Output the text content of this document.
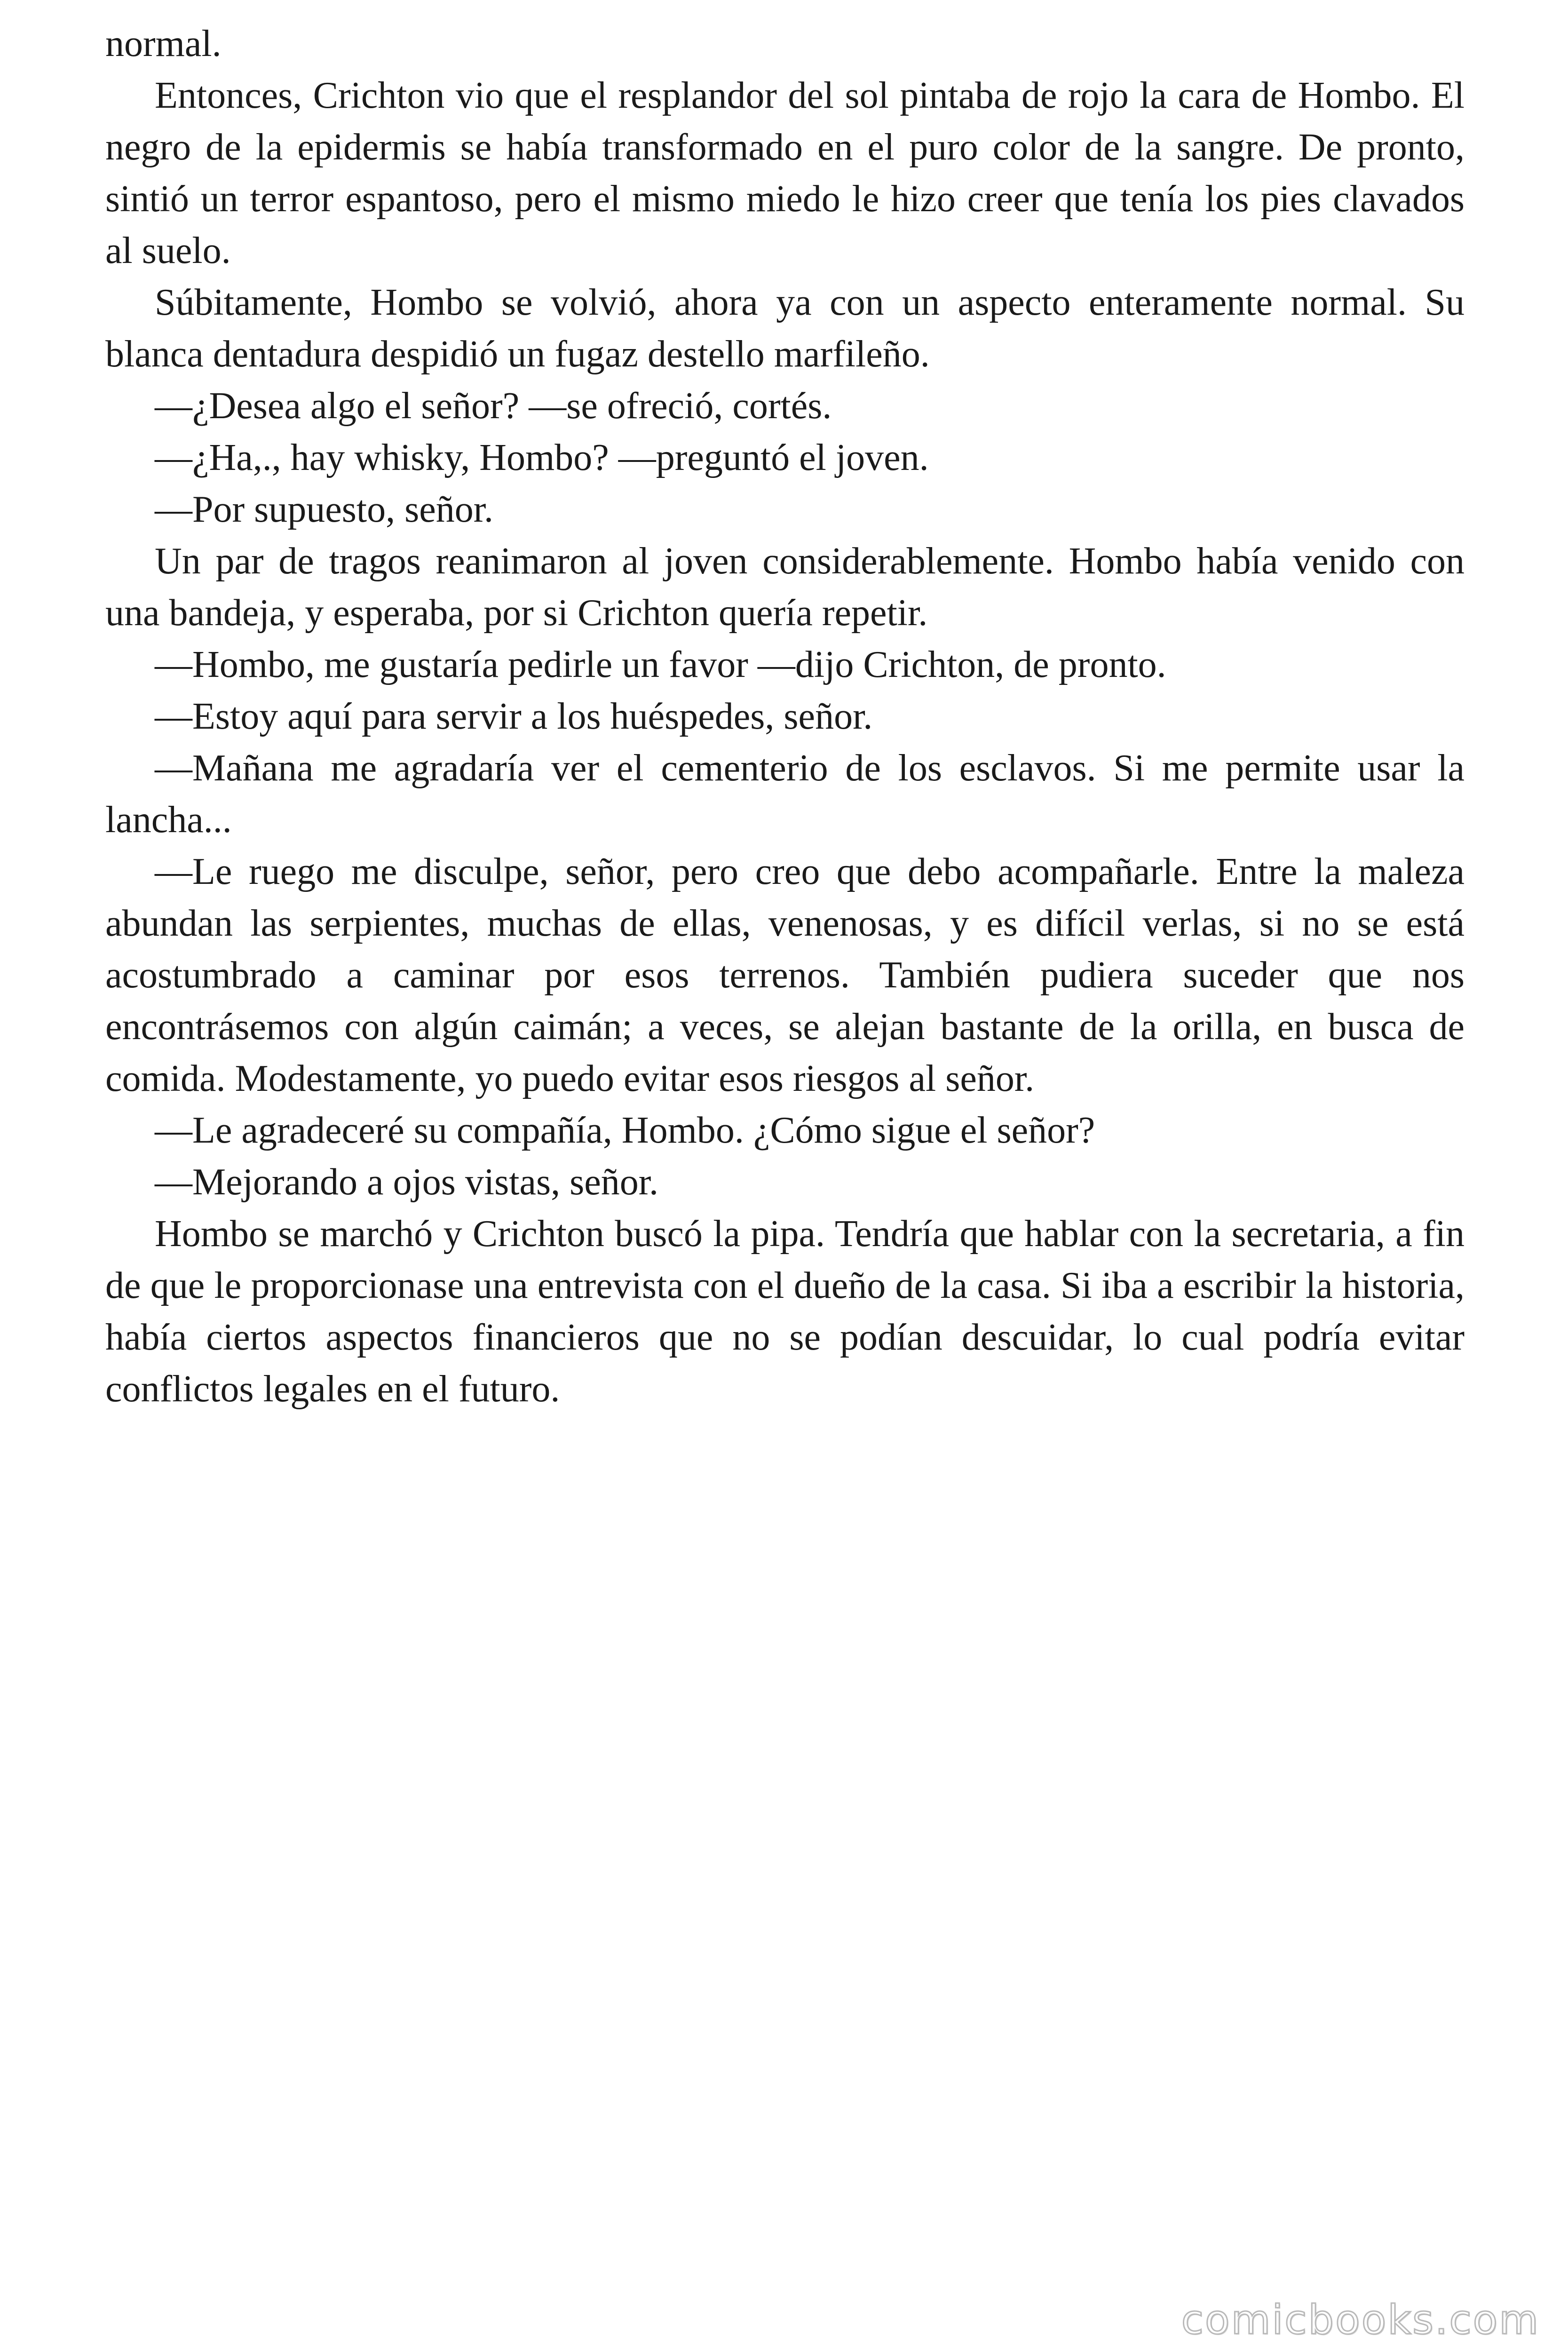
normal.

Entonces, Crichton vio que el resplandor del sol pintaba de rojo la cara de Hombo. El negro de la epidermis se había transformado en el puro color de la sangre. De pronto, sintió un terror espantoso, pero el mismo miedo le hizo creer que tenía los pies clavados al suelo.

Súbitamente, Hombo se volvió, ahora ya con un aspecto enteramente normal. Su blanca dentadura despidió un fugaz destello marfileño.

—¿Desea algo el señor? —se ofreció, cortés.

—¿Ha,., hay whisky, Hombo? —preguntó el joven.

—Por supuesto, señor.

Un par de tragos reanimaron al joven considerablemente. Hombo había venido con una bandeja, y esperaba, por si Crichton quería repetir.

—Hombo, me gustaría pedirle un favor —dijo Crichton, de pronto.

—Estoy aquí para servir a los huéspedes, señor.

—Mañana me agradaría ver el cementerio de los esclavos. Si me permite usar la lancha...

—Le ruego me disculpe, señor, pero creo que debo acompañarle. Entre la maleza abundan las serpientes, muchas de ellas, venenosas, y es difícil verlas, si no se está acostumbrado a caminar por esos terrenos. También pudiera suceder que nos encontrásemos con algún caimán; a veces, se alejan bastante de la orilla, en busca de comida. Modestamente, yo puedo evitar esos riesgos al señor.

—Le agradeceré su compañía, Hombo. ¿Cómo sigue el señor?

—Mejorando a ojos vistas, señor.

Hombo se marchó y Crichton buscó la pipa. Tendría que hablar con la secretaria, a fin de que le proporcionase una entrevista con el dueño de la casa. Si iba a escribir la historia, había ciertos aspectos financieros que no se podían descuidar, lo cual podría evitar conflictos legales en el futuro.

comicbooks.com
